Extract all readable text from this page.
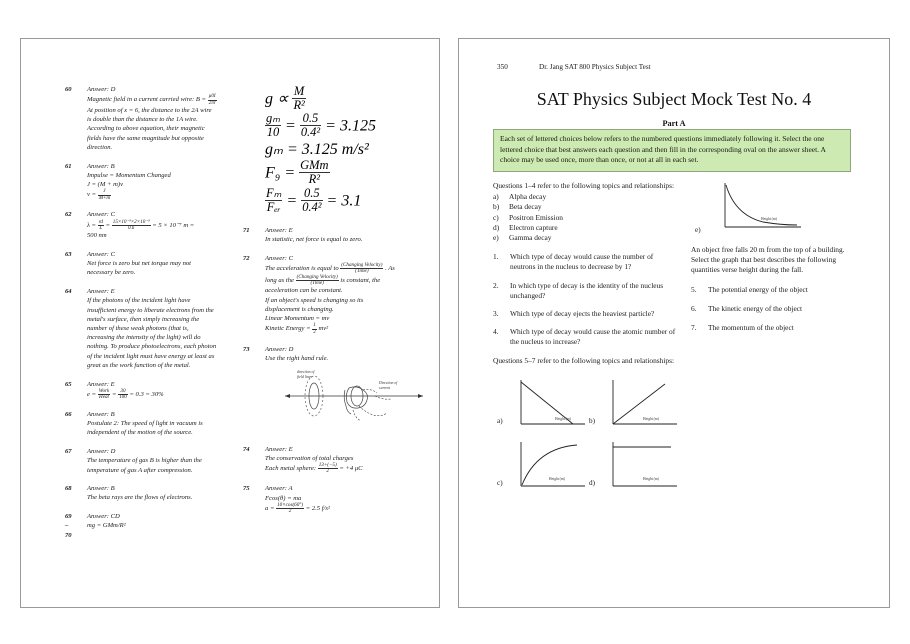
60	Answer: D

Magnetic field in a current carried wire: $B = \frac{\mu 0I}{2\pi r}$

At position of x = 6, the distance to the 2A wire

is double than the distance to the 1A wire.

According to above equation, their magnetic

fields have the same magnitude but opposite

direction.

61	Answer: B

Impulse = Momentum Changed

J = (M + m)v

$v = \frac{J}{M+m}$

62	Answer: C

$\lambda = \frac{rd}{L} = \frac{\text{15×10⁻³×2×10⁻³}}{0.6} = 5 \times 10^{-7}$ m =

500 nm

63	Answer: C

Net force is zero but net torque may not

necessary be zero.

64	Answer: E

If the photons of the incident light have

insufficient energy to liberate electrons from the

metal's surface, then simply increasing the

number of these weak photons (that is,

increasing the intensity of the light) will do

nothing. To produce photoelectrons, each photon

of the incident light must have energy at least as

great as the work function of the metal.

65	Answer: E

$e = \frac{\text{Work}}{\text{Heat}} = \frac{30}{100} = 0.3 = 30\%$

66	Answer: B

Postulate 2: The speed of light in vacuum is

independent of the motion of the source.

67	Answer: D

The temperature of gas B is higher than the

temperature of gas A after compression.

68	Answer: B

The beta rays are the flows of electrons.

69
–
70

Answer: CD

mg = GMm/R²

$g \propto \frac{M}{\text{R²}}$

$\frac{\text{gₘ}}{10} = \frac{0.5}{\text{0.4²}} = 3.125$

gₘ = 3.125 m/s²

$F_9 = \frac{\text{GMm}}{\text{R²}}$

$\frac{\text{Fₘ}}{\text{Fₑᵣ}} = \frac{0.5}{\text{0.4²}} = 3.1$

71	Answer: E

In statistic, net force is equal to zero.

72	Answer: C

The acceleration is equal to $\frac{\text{(Changing Velocity)}}{\text{(Time)}}$ . As

long as the $\frac{\text{(Changing Velocity)}}{\text{(Time)}}$ is constant, the

acceleration can be constant.

If an object's speed is changing so its

displacement is changing.

Linear Momentum = mv

Kinetic Energy = $\frac{1}{2} mv^2$

73	Answer: D

Use the right hand rule.

direction of
field lines
Direction of
current
74	Answer: E

The conservation of total charges

Each metal sphere: $\frac{13+(-5)}{2} = +4$ μC

75	Answer: A

Fcos(θ) = ma

$a = \frac{10\times\cos(60^\circ)}{2} = 2.5$ f/s²

350	Dr. Jang SAT 800 Physics Subject Test
SAT Physics Subject Mock Test No. 4
Part A
Each set of lettered choices below refers to the numbered questions immediately following it. Select the one lettered choice that best answers each question and then fill in the corresponding oval on the answer sheet. A choice may be used once, more than once, or not at all in each set.

Questions 1–4 refer to the following topics and relationships:

a)	Alpha decay
b)	Beta decay
c)	Positron Emission
d)	Electron capture
e)	Gamma decay
1.	Which type of decay would cause the number of neutrons in the nucleus to decrease by 1?
2.	In which type of decay is the identity of the nucleus unchanged?
3.	Which type of decay ejects the heaviest particle?
4.	Which type of decay would cause the atomic number of the nucleus to increase?

Questions 5–7 refer to the following topics and relationships:

Height (m)
a)	Height (m)
b)
Height (m)
c)	Height (m)
d)
Height (m)
e)

An object free falls 20 m from the top of a building. Select the graph that best describes the following quantities verse height during the fall.

5.	The potential energy of the object
6.	The kinetic energy of the object
7.	The momentum of the object
